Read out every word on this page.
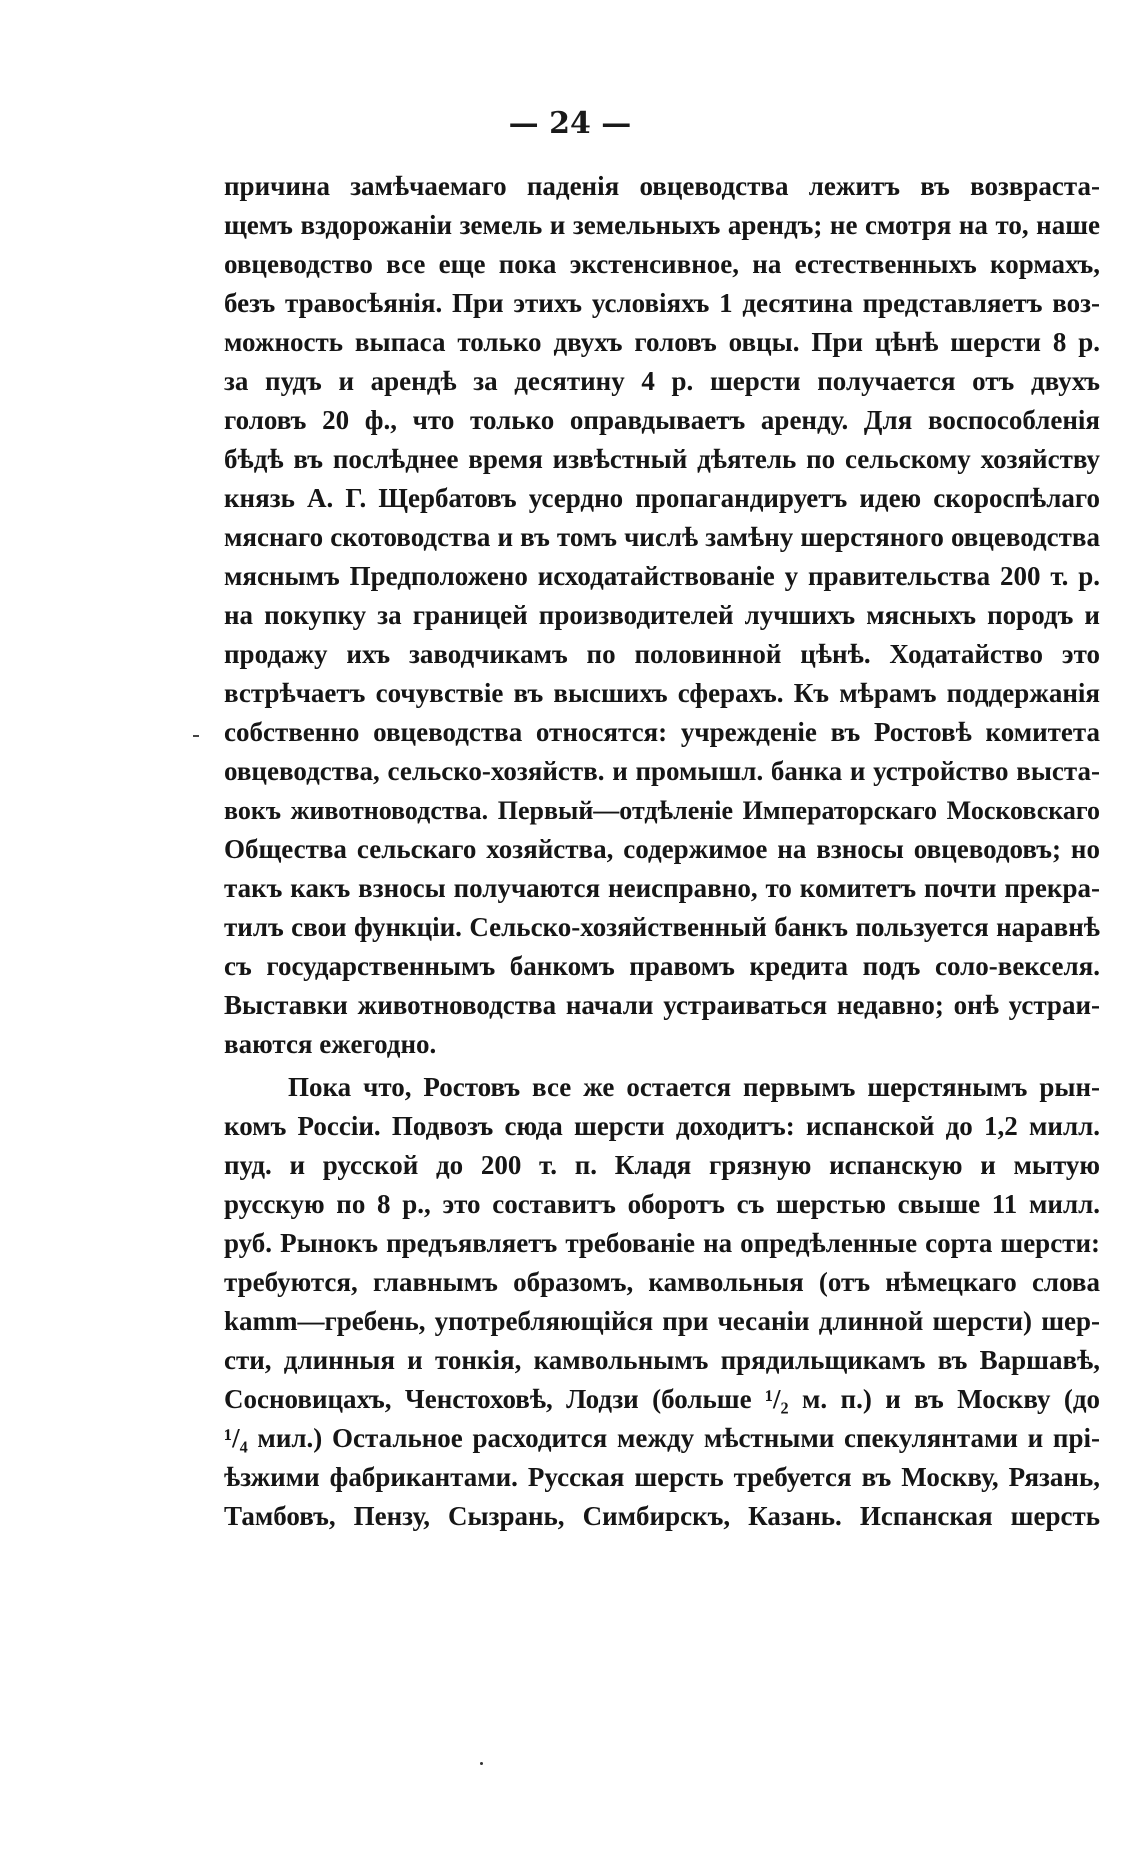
— 24 —
причина замѣчаемаго паденія овцеводства лежитъ въ возвраста-
щемъ вздорожаніи земель и земельныхъ арендъ; не смотря на то, наше
овцеводство все еще пока экстенсивное, на естественныхъ кормахъ,
безъ травосѣянія. При этихъ условіяхъ 1 десятина представляетъ воз-
можность выпаса только двухъ головъ овцы. При цѣнѣ шерсти 8 р.
за пудъ и арендѣ за десятину 4 р. шерсти получается отъ двухъ
головъ 20 ф., что только оправдываетъ аренду. Для воспособленія
бѣдѣ въ послѣднее время извѣстный дѣятель по сельскому хозяйству
князь А. Г. Щербатовъ усердно пропагандируетъ идею скороспѣлаго
мяснаго скотоводства и въ томъ числѣ замѣну шерстяного овцеводства
мяснымъ Предположено исходатайствованіе у правительства 200 т. р.
на покупку за границей производителей лучшихъ мясныхъ породъ и
продажу ихъ заводчикамъ по половинной цѣнѣ. Ходатайство это
встрѣчаетъ сочувствіе въ высшихъ сферахъ. Къ мѣрамъ поддержанія
собственно овцеводства относятся: учрежденіе въ Ростовѣ комитета
овцеводства, сельско-хозяйств. и промышл. банка и устройство выста-
вокъ животноводства. Первый—отдѣленіе Императорскаго Московскаго
Общества сельскаго хозяйства, содержимое на взносы овцеводовъ; но
такъ какъ взносы получаются неисправно, то комитетъ почти прекра-
тилъ свои функціи. Сельско-хозяйственный банкъ пользуется наравнѣ
съ государственнымъ банкомъ правомъ кредита подъ соло-векселя.
Выставки животноводства начали устраиваться недавно; онѣ устраи-
ваются ежегодно.
Пока что, Ростовъ все же остается первымъ шерстянымъ рын-
комъ Россіи. Подвозъ сюда шерсти доходитъ: испанской до 1,2 милл.
пуд. и русской до 200 т. п. Кладя грязную испанскую и мытую
русскую по 8 р., это составитъ оборотъ съ шерстью свыше 11 милл.
руб. Рынокъ предъявляетъ требованіе на опредѣленные сорта шерсти:
требуются, главнымъ образомъ, камвольныя (отъ нѣмецкаго слова
kamm—гребень, употребляющійся при чесаніи длинной шерсти) шер-
сти, длинныя и тонкія, камвольнымъ прядильщикамъ въ Варшавѣ,
Сосновицахъ, Ченстоховѣ, Лодзи (больше ¹/₂ м. п.) и въ Москву (до
¹/₄ мил.) Остальное расходится между мѣстными спекулянтами и прі-
ѣзжими фабрикантами. Русская шерсть требуется въ Москву, Рязань,
Тамбовъ, Пензу, Сызрань, Симбирскъ, Казань. Испанская шерсть
